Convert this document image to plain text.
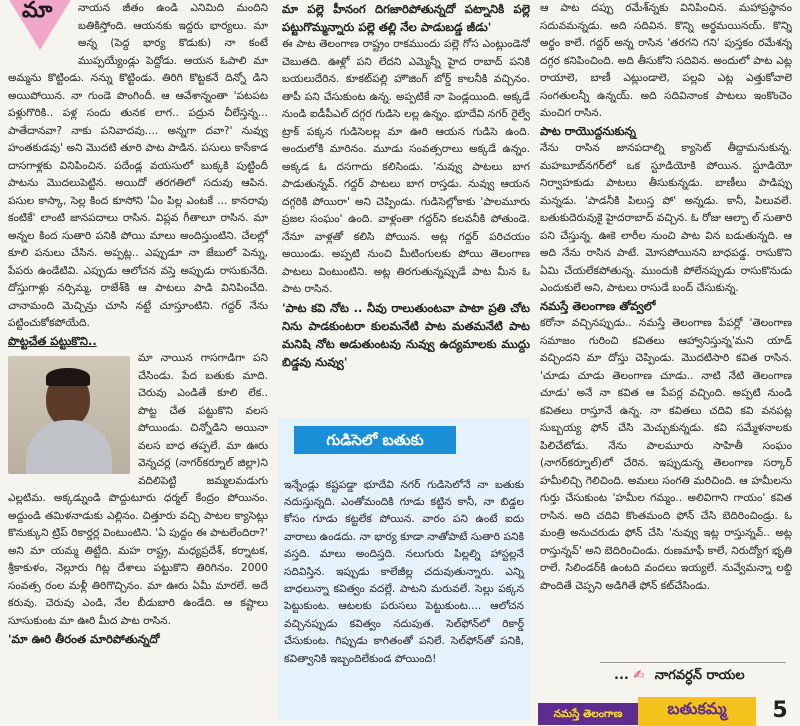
మా	నాయన జీతం ఉండి ఎనిమిది మందిని బతికిస్తోంది. ఆయనకు ఇద్దరు భార్యలు. మా అన్న (పెద్ద భార్య కొడుకు) నా కంటే ముప్పయ్యేండ్లు పెద్దోడు. ఆయన ఓపాలి మా అమ్మను కొట్టిండు. నన్ను కొట్టిండు. తిరిగి కొట్టకనే దిన్నో డిని అయిపోయిన. నా గుండె పొంగిందీ. ఆ ఆవేశాన్నంతా 'పటపట పళ్లుగొరికి.. పళ్ల సందు తునక లాగ.. పద్రున చీలేస్తన్న... పాతేదానవా? నాకు పనివాదవు.... అన్నగా దవా?' నువ్వు హంతకుడవు' అని మొదటి తూరి పాట పాడిన. పసులు కాసేకాడ దాసగాళ్లకు వినిపించిన. పదేండ్ల వయసులో బుక్కకి పుట్టిందీ పాటను మొదలుపెట్టిన. అయిదో తరగతిలో సదువు ఆపిన. పసుల కాస్కా, సెల్ల కింద కూసోని 'ఏం పిల్ల ఎంటకే ... కానరావు కంటికే' లాంటి జానపదాలు రాసిన. విప్లవ గీతాలూ రాసిన. మా అన్నల కింద సుతారి పనికి పోయి మాలు అందిస్తుంటిని. చేలల్లో కూలి పనులు చేసిన. అప్పట్ల.. ఎప్పుడూ నా జేబులో పెన్ను, పేపరు ఉండేటివి. ఎప్పుడు ఆలోచన వస్తె అప్పుడు రాసుకునేది. దోస్తుగాళ్లు నర్సిమ్మ, రాజేశ్‌కి ఆ పాటలు పాడి వినిపించేది. చానామంది మెచ్చిన్రు చూసి నట్టే చూస్తూంటిని. గద్దర్ నేను పట్టించుకోకపోయేది.

పొట్టచేత పట్టుకొని..

మా నాయిన గాసగాడిగా పని చేసిండు. పేద బతుకు మాది. చెరువు ఎండితే కూలి లేక.. పొట్ట చేత పట్టుకొని వలస పోయిండు. చిన్నోడిని అయినా వలస బాధ తప్పలే. మా ఊరు వెన్నచర్ల (నాగర్‌కర్నూల్ జిల్లా)ని వదిలిపెట్టి జమ్మలమడుగు ఎల్లటిమ. అక్కడ్నుండి పొద్దుటూరు ధర్మల్ కేంద్రం పోయినం. అద్దుండి తమిళనాడుకు ఎల్లినం. చిత్తూరు వచ్చి పాటల క్యాసెట్లు కొనుక్కుని ట్రిప్ రికార్డర్ల వింటుంటిని. 'ఏ పుద్దం ఈ పాటలేందిరా?' అని మా యమ్మ తిట్టేది. మహ రాష్ట్ర, మధ్యప్రదేశ్, కర్నాటక, శ్రీకాకుళం, నెల్లూరు గిట్ల దేశాలు పట్టుకొని తిరిగినం. 2000 సంవత్స రంల మళ్లీ తిరిగొచ్చినం. మా ఊరు ఏమీ మారలే. అదే కరువు. చెరువు ఎండి, నేల బీడుబారి ఉండేది. ఆ కష్టాలు సూసుకుంట మా ఊరి మీద పాట రాసిన.

'మా ఊరి తీరంత మారిపోతున్నదో

మా పల్లె హీనంగ దిగజారిపోతున్నదో పట్నానికి పల్లె పట్టుగొమ్మన్నారు పల్లె తల్లి నేల పాడుబడ్డ జీడు'

ఈ పాట తెలంగాణ రాష్ట్రం రాకముందు పల్లె గోస ఎంట్లుండెనో చెబుతది. ఊళ్లో పని లేదని ఎమ్మెన్నీ హైద రాబాద్ పనికి బయలుదేరిన. కూకట్‌పల్లి హౌజింగ్ బోర్డ్ కాలనీకి వచ్చినం. తాపీ పని చేసుకుంట ఉన్న. అప్పటికే నా పెండ్లయింది. అక్కడే నుండి ఐడీపీఎల్ దగ్గర గుడిసె లల్ల ఉన్నం. భూదేవి నగర్ రైల్వే ట్రాక్ పక్కన గుడిసెలల్ల మా ఊరి ఆయన గుడిసె ఉంది. అందులోకి మారినం. మూడు సంవత్సరాలు అక్కడే ఉన్నం. అక్కడ ఓ దసగాదు కలిసిండు. 'నువ్వు పాటలు బాగ పాడుతున్నవ్. గద్దర్ పాటలు బాగ రాస్తడు. నువ్వు ఆయన దగ్గరికి పోయిరా' అని చెప్పిండు. గుడిసెల్లోకాకు 'పాలమూరు ప్రజల సంఘం' ఉంది. వాళ్లంతా గద్దర్‌ని కలవనీకి పోతుండె. నేనూ వాళ్లతో కలిసి పోయిన. అట్ల గద్దర్ పరిచయం అయిండు. అప్పటి నుంచి మీటింగులకు పోయి తెలంగాణ పాటలు వింటుంటిని. అట్ల తిరగుతున్నప్పుడే పాట మీన ఓ పాట రాసిన.

'పాట కవి నోట .. నీవు రాలుతుంటవా పాటా ప్రతి చోట నిను పాడకుంటరా కులమనేటి పాట మతమనేటి పాట మనిషి నోట అడుతుంటవు నువ్వు ఉద్యమాలకు ముద్దు బిడ్డవు నువ్వు'

గుడిసెలో బతుకు

ఇన్నేండ్లు కష్టపడ్డా భూదేవి నగర్ గుడిసెలోనే నా బతుకు నదుస్తున్నది. ఎంతోమందికి గూడు కట్టిన కానీ, నా బిడ్డల కోసం గూడు కట్టలేక పోయిన. వారం పని ఉంటే ఐదు వారాలు ఉండదు. నా భార్య కూడా నాతోపాటే సుతారి పనికి వస్తది. మాలు అందిస్తది. నలుగురు పిల్లల్ని హాస్టల్లనే సదివిస్తిన. ఇప్పుడు కాలేజీల్ల చదువుతున్నారు. ఎన్ని బాధలున్నా కవిత్వం వదల్లే. పాటని మరువలే. సెల్లు పక్కన పెట్టుకుంట. ఆటలకు పరుసలు పెట్టుకుంట.... ఆలోచన వచ్చినప్పుడు కవిత్వం నదుపుత. సెల్‌ఫోన్‌లో రికార్డ్ చేసుకుంట. గిప్పుడు కాగితంతో పనిలే. సెల్‌ఫోన్‌తో పనికి, కవిత్వానికి ఇబ్బందిలేకుండ పోయింది!

ఆ పాట దప్పు రమేశ్‌న్నకు వినిపించిన. మహాప్రస్థానం సదువమన్నడు. అది సదివిన. కొన్ని అర్థమయినయ్. కొన్ని అర్థం కాలే. గద్దర్ అన్న రాసిన 'తరగని గని' పుస్తకం రమేశన్న దగ్గర కనిపించింది. అది తీసుకోని సదివిన. అందులో పాట ఎట్ల రాయాలె, బాణీ ఎట్లుండాలె, పల్లవి ఎట్ల ఎత్తుకోవాలె సంగతులన్నీ ఉన్నయ్. అది సదివినాంక పాటలు ఇంకొంచెం మంచిగ రాసిన.

పాట రాయొద్దనుకున్న

నేను రాసిన జానపదాల్ని క్యాసెట్ తీద్దామనుకున్న. మహబూబ్‌నగర్‌లో ఒక స్టూడియోకి పోయిన. స్టూడియో నిర్వాహకుడు పాటలు తీసుకున్నడు. బాణీలు పాడిప్పు మన్నడు. 'పాడనీకి పిలుస్త పో' అన్నడు. కానీ, పిలువలే. బతుకుదెరువుకై హైదరాబాద్ వచ్చిన. ఓ రోజు ఆల్బా ల్‌ సుతారి పని చేస్తున్న. ఊకె లారీల నుంచి పాట విన బడుతున్నది. ఆ అది నేను రాసిన పాటే. మోసపోయినని బాధపడ్డ. రాసుకొని ఏమి చేయలేకపోతున్న. ముందుకి పోలేనప్పుడు రాసుకొనుడు ఎందుకులే అని, పాటలు రాసుడే బంద్ చేసుకున్న.

నమస్తే తెలంగాణ తోవ్వలో

కరోనా వచ్చినప్పుడు.. నమస్తే తెలంగాణ పేపర్లో 'తెలంగాణ సమాజం గురించి కవితలు ఆహ్వానిస్తున్న'మని యాడ్ వచ్చిందని మా దోస్తు చెప్పిండు. మొదటిసారి కవిత రాసిన. 'చూడు చూడు తెలంగాణ చూడు.. నాటి నేటి తెలంగాణ చూడు' అనే నా కవిత ఆ పేపర్ల వచ్చింది. అప్పటి నుండి కవితలు రాస్తూనే ఉన్న. నా కవితలు చదివి కవి వనపట్ల సుబ్బయ్య ఫోన్ చేసి మెచ్చుకున్నడు. కవి సమ్మేళనాలకు పిలిచేటోడు. నేను పాలమూరు సాహితీ సంఘం (నాగర్‌కర్నూల్)లో చేరిన. ఇప్పుడున్న తెలంగాణ సర్కార్ హమీలిచ్చి గెలిచింది. అమలు సంగతి మరిచింది. ఆ హమీలను గుర్తు చేసుకుంట 'హమీల గమ్మం.. అలివిగాని గాయం' కవిత రాసిన. అది చదివి కొంతమంది ఫోన్ చేసి బెదిరించిండ్రు. ఓ మంత్రి అనుచరుడు ఫోన్ చేసి 'నువ్వు ఇట్ల రాస్తున్నవ్.. అట్ల రాస్తున్నవ్' అని బెదిరించిండు. రుణమాఫీ కాలే, నిరుద్యోగ భృతి రాలే. సిలిండర్‌కి ఉంటది వందలు ఇయ్యలే. నువ్వేమన్నా లబ్ధి పొందితే చెప్పని అడిగితే ఫోన్ కట్‌చేసిండు.

... ✍ నాగవర్ధన్ రాయల
నమస్తే తెలంగాణ	బతుకమ్మ	5
